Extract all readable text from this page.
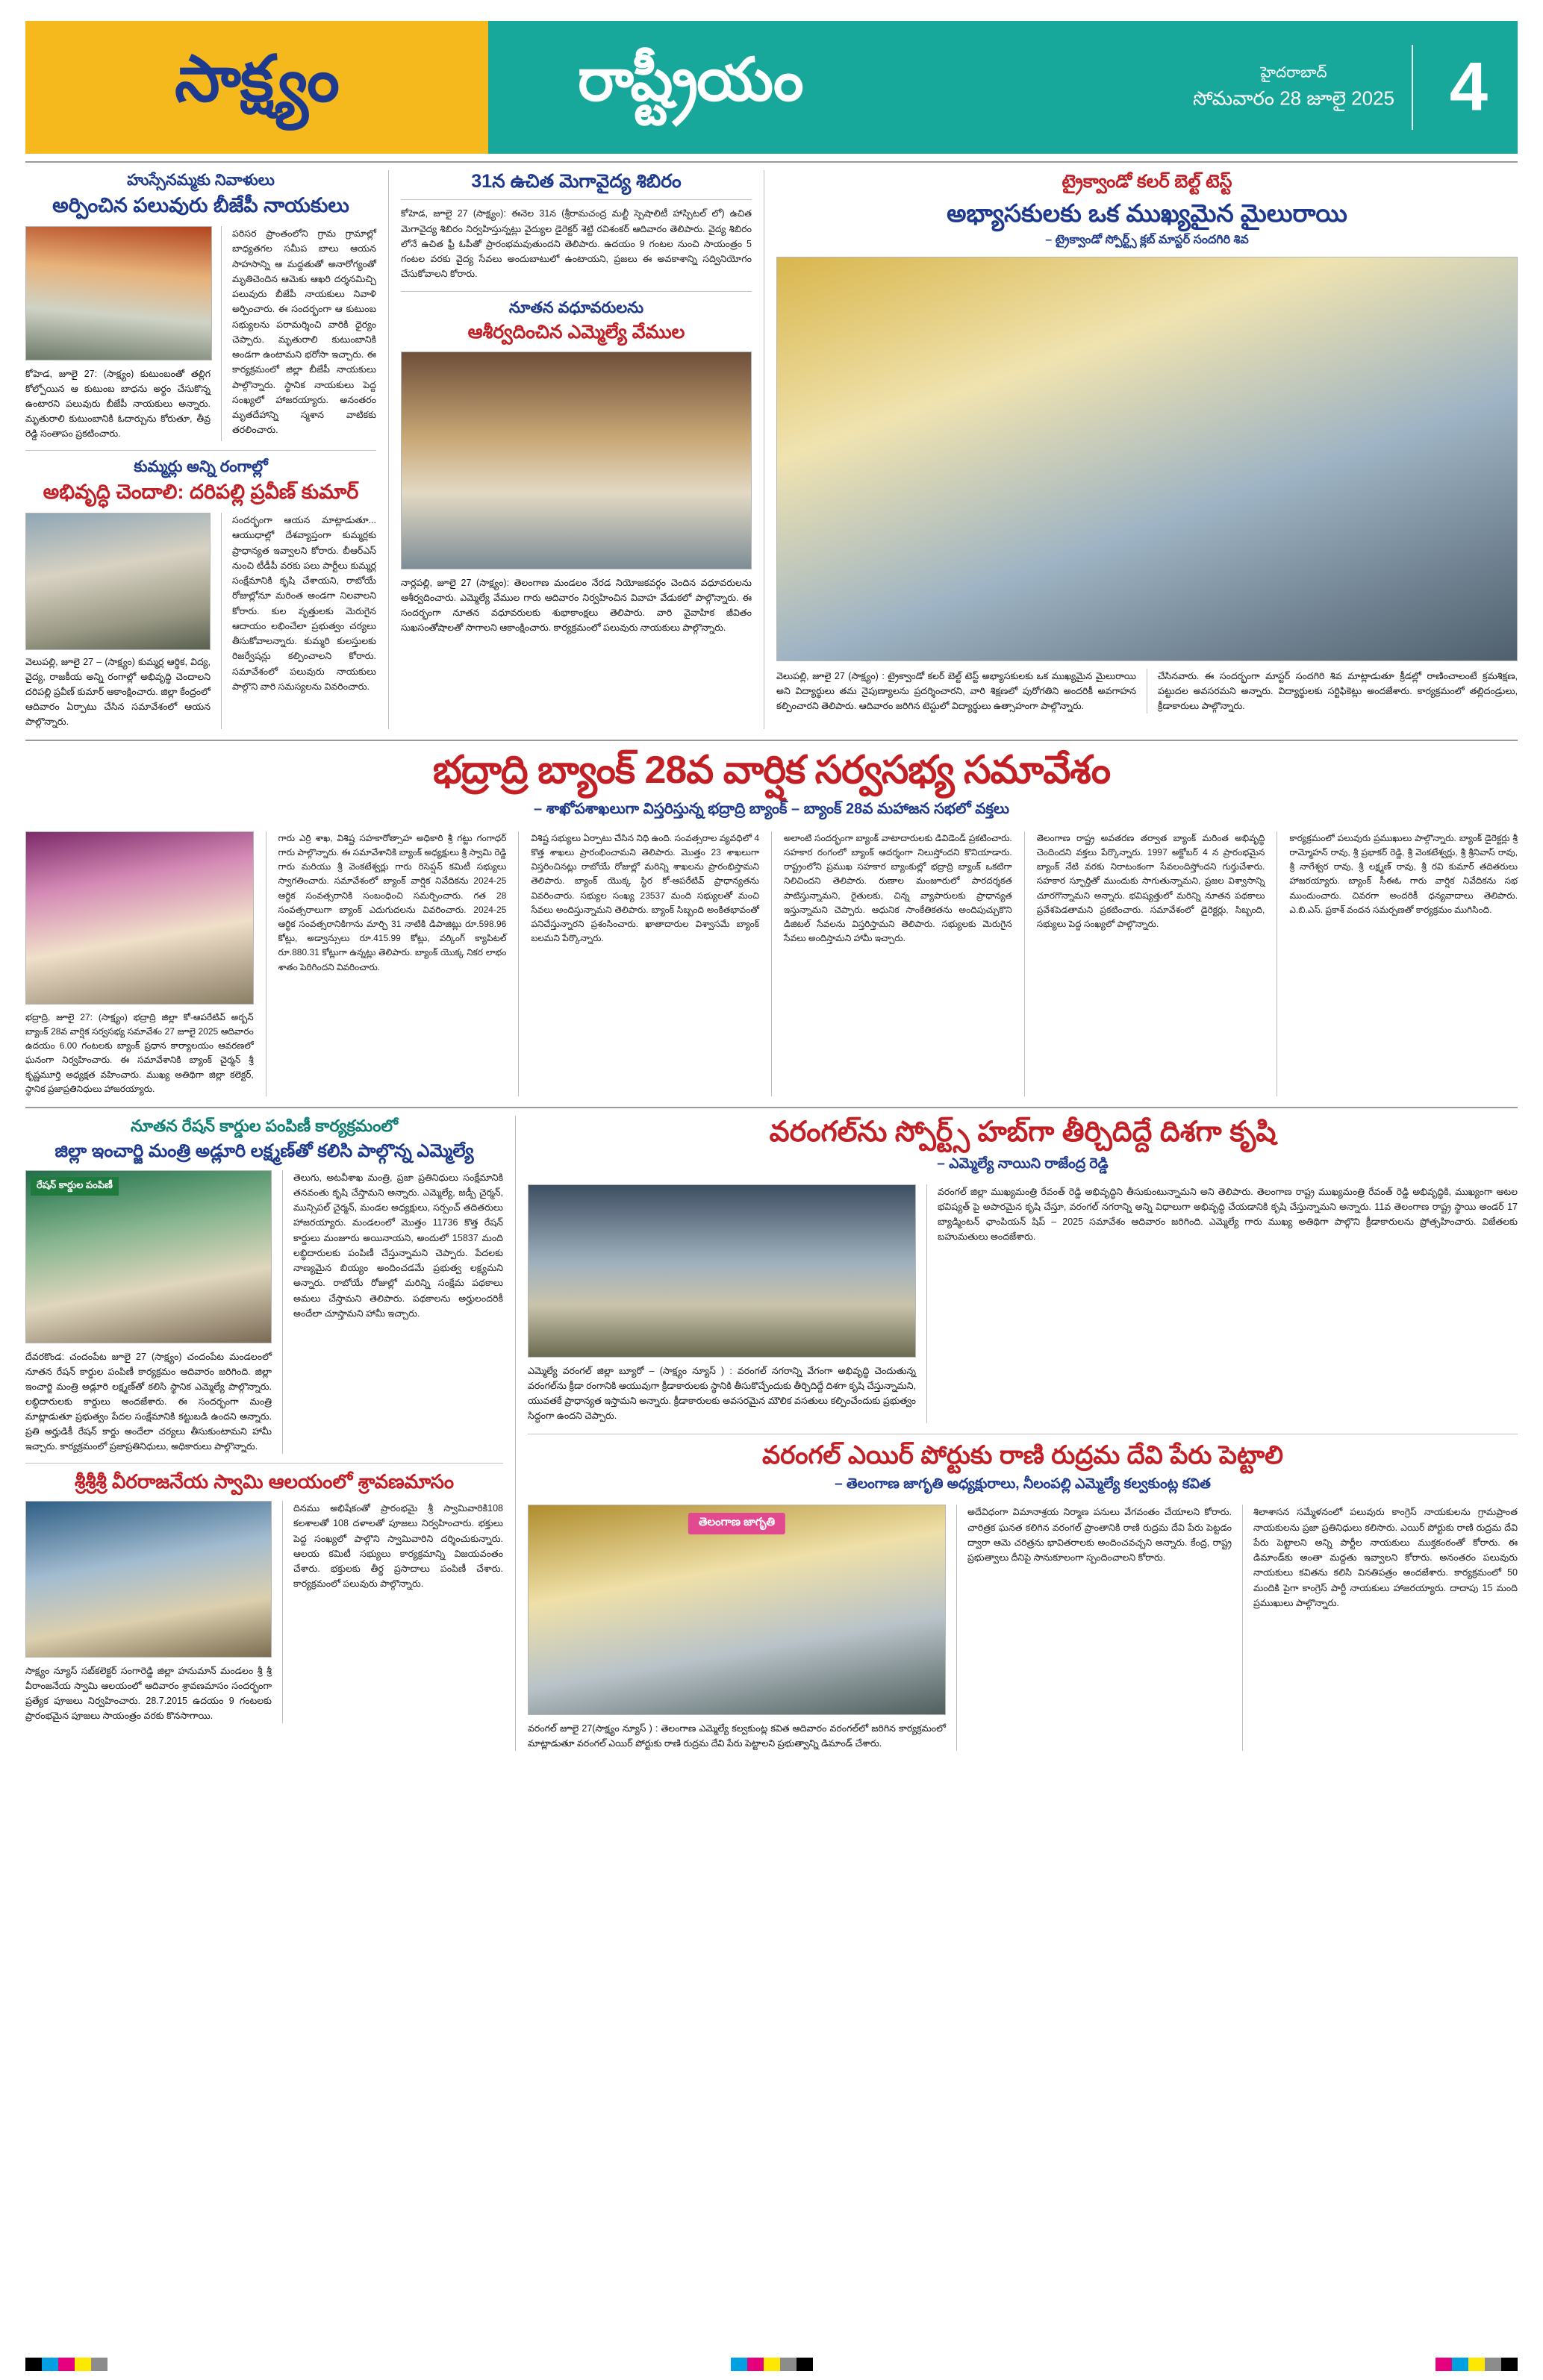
సాక్ష్యం	రాష్ట్రీయం	హైదరాబాద్
సోమవారం 28 జూలై 2025 4
హుస్సేనమ్మకు నివాళులు
అర్పించిన పలువురు బీజేపీ నాయకులు
కోహెడ, జూలై 27: (సాక్ష్యం) కుటుంబంతో తల్లిగ కోల్పోయిన ఆ కుటుంబ బాధను అర్థం చేసుకొన్న ఉంటారని పలువురు బీజేపీ నాయకులు అన్నారు. మృతురాలి కుటుంబానికి ఓదార్పును కోరుతూ, తీవ్ర రెడ్డి సంతాపం ప్రకటించారు.
పరిసర ప్రాంతంలోని గ్రామ గ్రామాల్లో బాధ్యతగల సమీప బాలు ఆయన సాహసాన్ని ఆ మద్దతుతో అనారోగ్యంతో మృతిచెందిన ఆమెకు ఆఖరి దర్శనమిచ్చి పలువురు బీజేపీ నాయకులు నివాళి అర్పించారు. ఈ సందర్భంగా ఆ కుటుంబ సభ్యులను పరామర్శించి వారికి ధైర్యం చెప్పారు. మృతురాలి కుటుంబానికి అండగా ఉంటామని భరోసా ఇచ్చారు. ఈ కార్యక్రమంలో జిల్లా బీజేపీ నాయకులు పాల్గొన్నారు. స్థానిక నాయకులు పెద్ద సంఖ్యలో హాజరయ్యారు. అనంతరం మృతదేహాన్ని స్మశాన వాటికకు తరలించారు.
కుమ్మర్లు అన్ని రంగాల్లో
అభివృద్ధి చెందాలి: దరిపల్లి ప్రవీణ్ కుమార్
వెలుపల్లి, జూలై 27 – (సాక్ష్యం) కుమ్మర్ల ఆర్థిక, విద్య, వైద్య, రాజకీయ అన్ని రంగాల్లో అభివృద్ధి చెందాలని దరిపల్లి ప్రవీణ్ కుమార్ ఆకాంక్షించారు. జిల్లా కేంద్రంలో ఆదివారం ఏర్పాటు చేసిన సమావేశంలో ఆయన పాల్గొన్నారు.
సందర్భంగా ఆయన మాట్లాడుతూ... ఆయుధాల్లో దేశవ్యాప్తంగా కుమ్మర్లకు ప్రాధాన్యత ఇవ్వాలని కోరారు. బీఆర్ఎస్ నుంచి టీడీపీ వరకు పలు పార్టీలు కుమ్మర్ల సంక్షేమానికి కృషి చేశాయని, రాబోయే రోజుల్లోనూ మరింత అండగా నిలవాలని కోరారు. కుల వృత్తులకు మెరుగైన ఆదాయం లభించేలా ప్రభుత్వం చర్యలు తీసుకోవాలన్నారు. కుమ్మరి కులస్తులకు రిజర్వేషన్లు కల్పించాలని కోరారు. సమావేశంలో పలువురు నాయకులు పాల్గొని వారి సమస్యలను వివరించారు.
31న ఉచిత మెగావైద్య శిబిరం
కోహెడ, జూలై 27 (సాక్ష్యం): ఈనెల 31న (శ్రీరామచంద్ర మల్టీ స్పెషాలిటీ హాస్పిటల్ లో) ఉచిత మెగావైద్య శిబిరం నిర్వహిస్తున్నట్లు వైద్యుల డైరెక్టర్ శెట్టి రవిశంకర్ ఆదివారం తెలిపారు. వైద్య శిబిరం లోనే ఉచిత ఫ్రీ ఓపీతో ప్రారంభమవుతుందని తెలిపారు. ఉదయం 9 గంటల నుంచి సాయంత్రం 5 గంటల వరకు వైద్య సేవలు అందుబాటులో ఉంటాయని, ప్రజలు ఈ అవకాశాన్ని సద్వినియోగం చేసుకోవాలని కోరారు.
నూతన వధూవరులను
ఆశీర్వదించిన ఎమ్మెల్యే వేముల
నార్లపల్లి, జూలై 27 (సాక్ష్యం): తెలంగాణ మండలం నేరడ నియోజకవర్గం చెందిన వధూవరులను ఆశీర్వదించారు. ఎమ్మెల్యే వేముల గారు ఆదివారం నిర్వహించిన వివాహ వేడుకలో పాల్గొన్నారు. ఈ సందర్భంగా నూతన వధూవరులకు శుభాకాంక్షలు తెలిపారు. వారి వైవాహిక జీవితం సుఖసంతోషాలతో సాగాలని ఆకాంక్షించారు. కార్యక్రమంలో పలువురు నాయకులు పాల్గొన్నారు.
ట్రైక్వాండో కలర్ బెల్ట్ టెస్ట్
అభ్యాసకులకు ఒక ముఖ్యమైన మైలురాయి
– ట్రైక్వాండో స్పోర్ట్స్ క్లబ్ మాస్టర్ సందగిరి శివ
వెలుపల్లి, జూలై 27 (సాక్ష్యం) : ట్రైక్వాండో కలర్ బెల్ట్ టెస్ట్ అభ్యాసకులకు ఒక ముఖ్యమైన మైలురాయి అని విద్యార్థులు తమ నైపుణ్యాలను ప్రదర్శించారని, వారి శిక్షణలో పురోగతిని అందరికీ అవగాహన కల్పించారని తెలిపారు. ఆదివారం జరిగిన టెస్టులో విద్యార్థులు ఉత్సాహంగా పాల్గొన్నారు.
చేసినవారు. ఈ సందర్భంగా మాస్టర్ సందగిరి శివ మాట్లాడుతూ క్రీడల్లో రాణించాలంటే క్రమశిక్షణ, పట్టుదల అవసరమని అన్నారు. విద్యార్థులకు సర్టిఫికెట్లు అందజేశారు. కార్యక్రమంలో తల్లిదండ్రులు, క్రీడాకారులు పాల్గొన్నారు.
భద్రాద్రి బ్యాంక్ 28వ వార్షిక సర్వసభ్య సమావేశం
– శాఖోపశాఖలుగా విస్తరిస్తున్న భద్రాద్రి బ్యాంక్ – బ్యాంక్ 28వ మహాజన సభలో వక్తలు
భద్రాద్రి, జూలై 27: (సాక్ష్యం) భద్రాద్రి జిల్లా కో-ఆపరేటివ్ అర్బన్ బ్యాంక్ 28వ వార్షిక సర్వసభ్య సమావేశం 27 జూలై 2025 ఆదివారం ఉదయం 6.00 గంటలకు బ్యాంక్ ప్రధాన కార్యాలయం ఆవరణలో ఘనంగా నిర్వహించారు. ఈ సమావేశానికి బ్యాంక్ చైర్మన్ శ్రీ కృష్ణమూర్తి అధ్యక్షత వహించారు. ముఖ్య అతిథిగా జిల్లా కలెక్టర్, స్థానిక ప్రజాప్రతినిధులు హాజరయ్యారు.
గారు ఎర్రి శాఖ, విశిష్ట సహకారోత్సాహ అధికారి శ్రీ గట్టు గంగాధర్ గారు పాల్గొన్నారు. ఈ సమావేశానికి బ్యాంక్ అధ్యక్షులు శ్రీ స్వామి రెడ్డి గారు మరియు శ్రీ వెంకటేశ్వర్లు గారు రిసెప్షన్ కమిటీ సభ్యులు స్వాగతించారు. సమావేశంలో బ్యాంక్ వార్షిక నివేదికను 2024-25 ఆర్థిక సంవత్సరానికి సంబంధించి సమర్పించారు. గత 28 సంవత్సరాలుగా బ్యాంక్ ఎదుగుదలను వివరించారు. 2024-25 ఆర్థిక సంవత్సరానికిగాను మార్చి 31 నాటికి డిపాజిట్లు రూ.598.96 కోట్లు, అడ్వాన్సులు రూ.415.99 కోట్లు, వర్కింగ్ క్యాపిటల్ రూ.880.31 కోట్లుగా ఉన్నట్లు తెలిపారు. బ్యాంక్ యొక్క నికర లాభం శాతం పెరిగిందని వివరించారు.
విశిష్ట సభ్యులు ఏర్పాటు చేసిన నిధి ఉంది. సంవత్సరాల వ్యవధిలో 4 కొత్త శాఖలు ప్రారంభించామని తెలిపారు. మొత్తం 23 శాఖలుగా విస్తరించినట్లు రాబోయే రోజుల్లో మరిన్ని శాఖలను ప్రారంభిస్తామని తెలిపారు. బ్యాంక్ యొక్క స్థిర కో-ఆపరేటివ్ ప్రాధాన్యతను వివరించారు. సభ్యుల సంఖ్య 23537 మంది సభ్యులతో మంచి సేవలు అందిస్తున్నామని తెలిపారు. బ్యాంక్ సిబ్బంది అంకితభావంతో పనిచేస్తున్నారని ప్రశంసించారు. ఖాతాదారుల విశ్వాసమే బ్యాంక్ బలమని పేర్కొన్నారు.
అలాంటి సందర్భంగా బ్యాంక్ వాటాదారులకు డివిడెండ్ ప్రకటించారు. సహకార రంగంలో బ్యాంక్ ఆదర్శంగా నిలుస్తోందని కొనియాడారు. రాష్ట్రంలోని ప్రముఖ సహకార బ్యాంకుల్లో భద్రాద్రి బ్యాంక్ ఒకటిగా నిలిచిందని తెలిపారు. రుణాల మంజూరులో పారదర్శకత పాటిస్తున్నామని, రైతులకు, చిన్న వ్యాపారులకు ప్రాధాన్యత ఇస్తున్నామని చెప్పారు. ఆధునిక సాంకేతికతను అందిపుచ్చుకొని డిజిటల్ సేవలను విస్తరిస్తామని తెలిపారు. సభ్యులకు మెరుగైన సేవలు అందిస్తామని హామీ ఇచ్చారు.
తెలంగాణ రాష్ట్ర అవతరణ తర్వాత బ్యాంక్ మరింత అభివృద్ధి చెందిందని వక్తలు పేర్కొన్నారు. 1997 అక్టోబర్ 4 న ప్రారంభమైన బ్యాంక్ నేటి వరకు నిరాటంకంగా సేవలందిస్తోందని గుర్తుచేశారు. సహకార స్ఫూర్తితో ముందుకు సాగుతున్నామని, ప్రజల విశ్వాసాన్ని చూరగొన్నామని అన్నారు. భవిష్యత్తులో మరిన్ని నూతన పథకాలు ప్రవేశపెడతామని ప్రకటించారు. సమావేశంలో డైరెక్టర్లు, సిబ్బంది, సభ్యులు పెద్ద సంఖ్యలో పాల్గొన్నారు.
కార్యక్రమంలో పలువురు ప్రముఖులు పాల్గొన్నారు. బ్యాంక్ డైరెక్టర్లు శ్రీ రామ్మోహన్ రావు, శ్రీ ప్రభాకర్ రెడ్డి, శ్రీ వెంకటేశ్వర్లు, శ్రీ శ్రీనివాస్ రావు, శ్రీ నాగేశ్వర రావు, శ్రీ లక్ష్మణ్ రావు, శ్రీ రవి కుమార్ తదితరులు హాజరయ్యారు. బ్యాంక్ సీఈఓ గారు వార్షిక నివేదికను సభ ముందుంచారు. చివరగా అందరికీ ధన్యవాదాలు తెలిపారు. ఎ.బి.ఎస్. ప్రకాశ్ వందన సమర్పణతో కార్యక్రమం ముగిసింది.
నూతన రేషన్ కార్డుల పంపిణీ కార్యక్రమంలో
జిల్లా ఇంచార్జి మంత్రి అడ్లూరి లక్ష్మణ్‌తో కలిసి పాల్గొన్న ఎమ్మెల్యే
రేషన్ కార్డుల పంపిణీ
దేవరకొండ: చందంపేట జూలై 27 (సాక్ష్యం) చందంపేట మండలంలో నూతన రేషన్ కార్డుల పంపిణీ కార్యక్రమం ఆదివారం జరిగింది. జిల్లా ఇంచార్జి మంత్రి అడ్లూరి లక్ష్మణ్‌తో కలిసి స్థానిక ఎమ్మెల్యే పాల్గొన్నారు. లబ్ధిదారులకు కార్డులు అందజేశారు. ఈ సందర్భంగా మంత్రి మాట్లాడుతూ ప్రభుత్వం పేదల సంక్షేమానికి కట్టుబడి ఉందని అన్నారు. ప్రతి అర్హుడికీ రేషన్ కార్డు అందేలా చర్యలు తీసుకుంటామని హామీ ఇచ్చారు. కార్యక్రమంలో ప్రజాప్రతినిధులు, అధికారులు పాల్గొన్నారు.
తెలుగు, అటవీశాఖ మంత్రి, ప్రజా ప్రతినిధులు సంక్షేమానికి తనవంతు కృషి చేస్తామని అన్నారు. ఎమ్మెల్యే, జడ్పీ చైర్మన్, మున్సిపల్ చైర్మన్, మండల అధ్యక్షులు, సర్పంచ్ తదితరులు హాజరయ్యారు. మండలంలో మొత్తం 11736 కొత్త రేషన్ కార్డులు మంజూరు అయినాయని, అందులో 15837 మంది లబ్ధిదారులకు పంపిణీ చేస్తున్నామని చెప్పారు. పేదలకు నాణ్యమైన బియ్యం అందించడమే ప్రభుత్వ లక్ష్యమని అన్నారు. రాబోయే రోజుల్లో మరిన్ని సంక్షేమ పథకాలు అమలు చేస్తామని తెలిపారు. పథకాలను అర్హులందరికీ అందేలా చూస్తామని హామీ ఇచ్చారు.
శ్రీశ్రీశ్రీ వీరరాజనేయ స్వామి ఆలయంలో శ్రావణమాసం
సాక్ష్యం న్యూస్ సబ్‌కలెక్టర్ సంగారెడ్డి జిల్లా హనుమాన్ మండలం శ్రీ శ్రీ వీరాంజనేయ స్వామి ఆలయంలో ఆదివారం శ్రావణమాసం సందర్భంగా ప్రత్యేక పూజలు నిర్వహించారు. 28.7.2015 ఉదయం 9 గంటలకు ప్రారంభమైన పూజలు సాయంత్రం వరకు కొనసాగాయి.
దినము అభిషేకంతో ప్రారంభమై శ్రీ స్వామివారికి108 కలశాలతో 108 దళాలతో పూజలు నిర్వహించారు. భక్తులు పెద్ద సంఖ్యలో పాల్గొని స్వామివారిని దర్శించుకున్నారు. ఆలయ కమిటీ సభ్యులు కార్యక్రమాన్ని విజయవంతం చేశారు. భక్తులకు తీర్థ ప్రసాదాలు పంపిణీ చేశారు. కార్యక్రమంలో పలువురు పాల్గొన్నారు.
వరంగల్‌ను స్పోర్ట్స్ హబ్‌గా తీర్చిదిద్దే దిశగా కృషి
– ఎమ్మెల్యే నాయిని రాజేంద్ర రెడ్డి
ఎమ్మెల్యే వరంగల్ జిల్లా బ్యూరో – (సాక్ష్యం న్యూస్ ) : వరంగల్ నగరాన్ని వేగంగా అభివృద్ధి చెందుతున్న వరంగల్‌ను క్రీడా రంగానికి ఆయువుగా క్రీడాకారులకు స్థానికి తీసుకొచ్చేందుకు తీర్చిదిద్దే దిశగా కృషి చేస్తున్నామని, యువతకే ప్రాధాన్యత ఇస్తామని అన్నారు. క్రీడాకారులకు అవసరమైన మౌలిక వసతులు కల్పించేందుకు ప్రభుత్వం సిద్ధంగా ఉందని చెప్పారు.
వరంగల్ జిల్లా ముఖ్యమంత్రి రేవంత్ రెడ్డి అభివృద్ధిని తీసుకుంటున్నామని అని తెలిపారు. తెలంగాణ రాష్ట్ర ముఖ్యమంత్రి రేవంత్ రెడ్డి అభివృద్ధికి, ముఖ్యంగా ఆటల భవిష్యత్ పై అపారమైన కృషి చేస్తూ, వరంగల్ నగరాన్ని అన్ని విధాలుగా అభివృద్ధి చేయడానికి కృషి చేస్తున్నామని అన్నారు. 11వ తెలంగాణ రాష్ట్ర స్థాయి అండర్ 17 బ్యాడ్మింటన్ ఛాంపియన్ షిప్ – 2025 సమావేశం ఆదివారం జరిగింది. ఎమ్మెల్యే గారు ముఖ్య అతిథిగా పాల్గొని క్రీడాకారులను ప్రోత్సహించారు. విజేతలకు బహుమతులు అందజేశారు.
వరంగల్ ఎయిర్ పోర్టుకు రాణి రుద్రమ దేవి పేరు పెట్టాలి
– తెలంగాణ జాగృతి అధ్యక్షురాలు, నీలంపల్లి ఎమ్మెల్యే కల్వకుంట్ల కవిత
తెలంగాణ జాగృతి
వరంగల్ జూలై 27(సాక్ష్యం న్యూస్ ) : తెలంగాణ ఎమ్మెల్యే కల్వకుంట్ల కవిత ఆదివారం వరంగల్‌లో జరిగిన కార్యక్రమంలో మాట్లాడుతూ వరంగల్ ఎయిర్ పోర్టుకు రాణి రుద్రమ దేవి పేరు పెట్టాలని ప్రభుత్వాన్ని డిమాండ్ చేశారు.
అదేవిధంగా విమానాశ్రయ నిర్మాణ పనులు వేగవంతం చేయాలని కోరారు. చారిత్రక ఘనత కలిగిన వరంగల్ ప్రాంతానికి రాణి రుద్రమ దేవి పేరు పెట్టడం ద్వారా ఆమె చరిత్రను భావితరాలకు అందించవచ్చని అన్నారు. కేంద్ర, రాష్ట్ర ప్రభుత్వాలు దీనిపై సానుకూలంగా స్పందించాలని కోరారు.
శిలాశాసన సమ్మేళనంలో పలువురు కాంగ్రెస్ నాయకులను గ్రామప్రాంత నాయకులను ప్రజా ప్రతినిధులు కలిసారు. ఎయిర్ పోర్టుకు రాణి రుద్రమ దేవి పేరు పెట్టాలని అన్ని పార్టీల నాయకులు ముక్తకంఠంతో కోరారు. ఈ డిమాండ్‌కు అంతా మద్దతు ఇవ్వాలని కోరారు. అనంతరం పలువురు నాయకులు కవితను కలిసి వినతిపత్రం అందజేశారు. కార్యక్రమంలో 50 మందికి పైగా కాంగ్రెస్ పార్టీ నాయకులు హాజరయ్యారు. దాదాపు 15 మంది ప్రముఖులు పాల్గొన్నారు.
